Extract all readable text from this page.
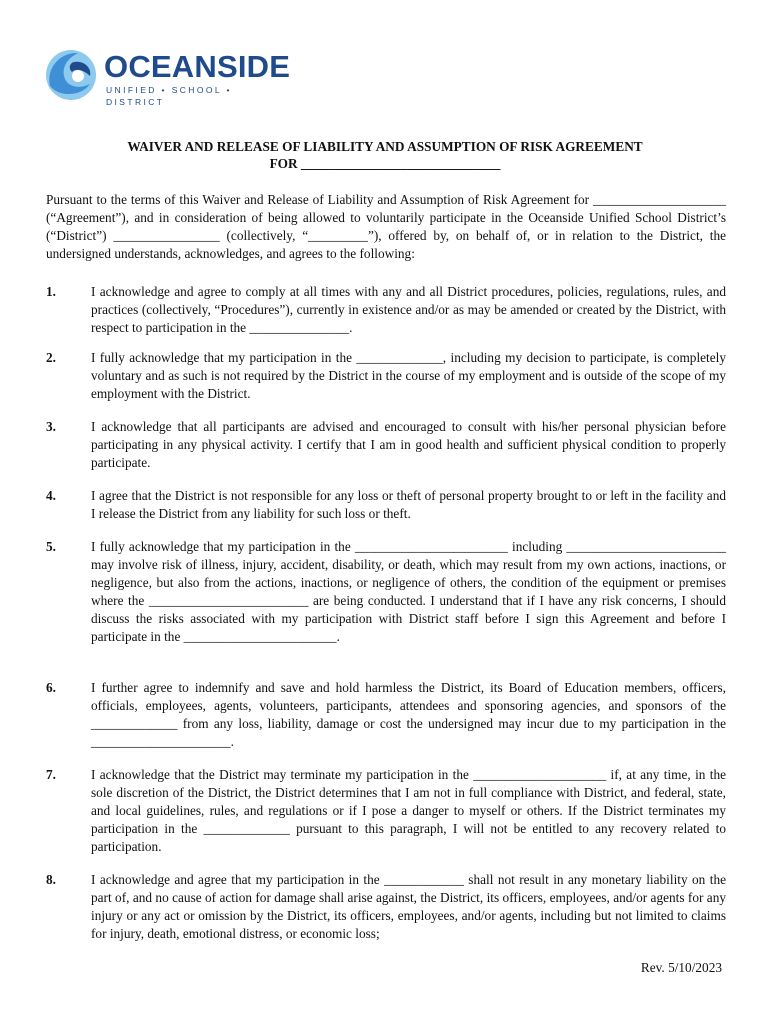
OCEANSIDE
UNIFIED • SCHOOL • DISTRICT
WAIVER AND RELEASE OF LIABILITY AND ASSUMPTION OF RISK AGREEMENT
FOR ______________________________
Pursuant to the terms of this Waiver and Release of Liability and Assumption of Risk Agreement for ____________________ (“Agreement”), and in consideration of being allowed to voluntarily participate in the Oceanside Unified School District’s (“District”) ________________ (collectively, “_________”), offered by, on behalf of, or in relation to the District, the undersigned understands, acknowledges, and agrees to the following:
1.	I acknowledge and agree to comply at all times with any and all District procedures, policies, regulations, rules, and practices (collectively, “Procedures”), currently in existence and/or as may be amended or created by the District, with respect to participation in the _______________.
2.	I fully acknowledge that my participation in the _____________, including my decision to participate, is completely voluntary and as such is not required by the District in the course of my employment and is outside of the scope of my employment with the District.
3.	I acknowledge that all participants are advised and encouraged to consult with his/her personal physician before participating in any physical activity. I certify that I am in good health and sufficient physical condition to properly participate.
4.	I agree that the District is not responsible for any loss or theft of personal property brought to or left in the facility and I release the District from any liability for such loss or theft.
5.	I fully acknowledge that my participation in the _______________________ including ________________________ may involve risk of illness, injury, accident, disability, or death, which may result from my own actions, inactions, or negligence, but also from the actions, inactions, or negligence of others, the condition of the equipment or premises where the ________________________ are being conducted. I understand that if I have any risk concerns, I should discuss the risks associated with my participation with District staff before I sign this Agreement and before I participate in the _______________________.
6.	I further agree to indemnify and save and hold harmless the District, its Board of Education members, officers, officials, employees, agents, volunteers, participants, attendees and sponsoring agencies, and sponsors of the _____________ from any loss, liability, damage or cost the undersigned may incur due to my participation in the _____________________.
7.	I acknowledge that the District may terminate my participation in the ____________________ if, at any time, in the sole discretion of the District, the District determines that I am not in full compliance with District, and federal, state, and local guidelines, rules, and regulations or if I pose a danger to myself or others. If the District terminates my participation in the _____________ pursuant to this paragraph, I will not be entitled to any recovery related to participation.
8.	I acknowledge and agree that my participation in the ____________ shall not result in any monetary liability on the part of, and no cause of action for damage shall arise against, the District, its officers, employees, and/or agents for any injury or any act or omission by the District, its officers, employees, and/or agents, including but not limited to claims for injury, death, emotional distress, or economic loss;
Rev. 5/10/2023
